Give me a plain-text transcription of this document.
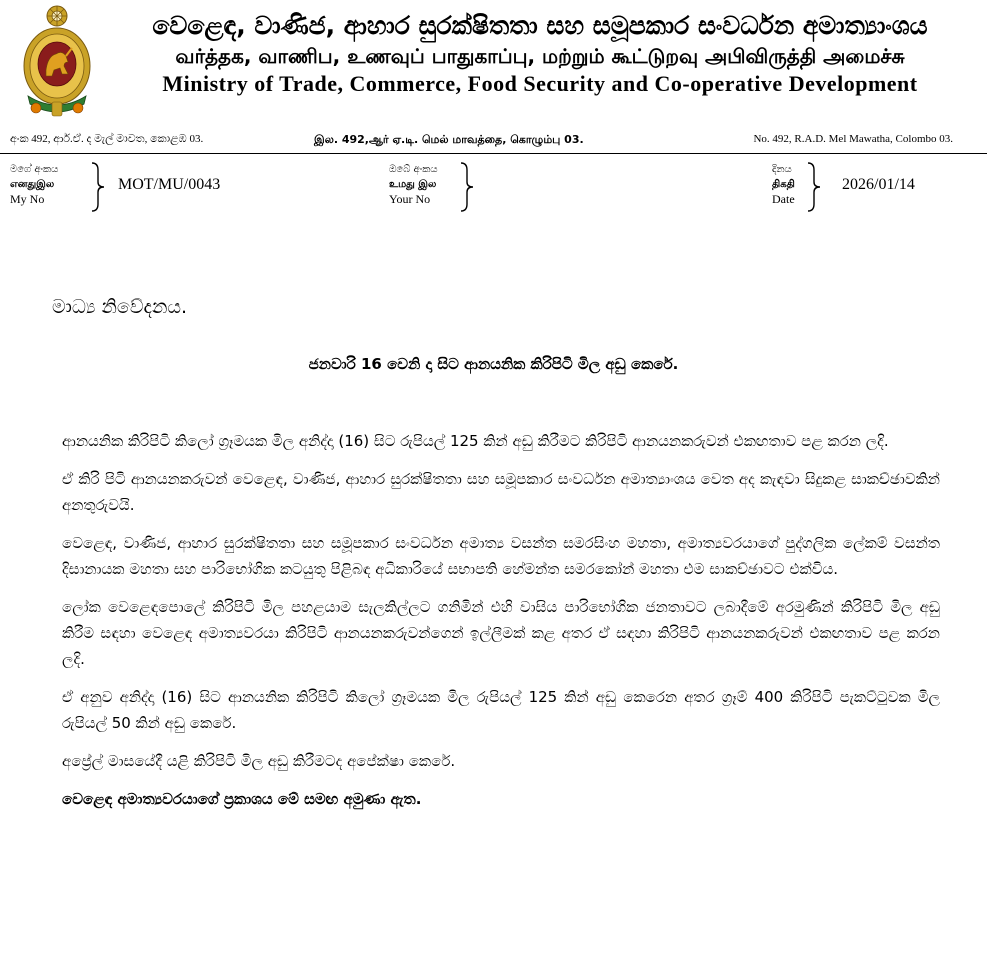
වෙළෙඳ, වාණිජ, ආහාර සුරක්ෂිතතා සහ සමූපකාර සංවර්ධන අමාත්‍යාංශය
வர்த்தக, வாணிப, உணவுப் பாதுகாப்பு, மற்றும் கூட்டுறவு அபிவிருத்தி அமைச்சு
Ministry of Trade, Commerce, Food Security and Co-operative Development
අංක 492, ආර්.ඒ. ද මැල් මාවත, කොළඹ 03.	இல. 492,ஆர் ஏ.டி. மெல் மாவத்தை, கொழும்பு 03.	No. 492, R.A.D. Mel Mawatha, Colombo 03.
මගේ අංකය
எனதுஇல
My No
MOT/MU/0043
ඔබේ අංකය
உமது இல
Your No
දිනය
திகதி
Date
2026/01/14
මාධ්‍ය නිවේදනය.
ජනවාරි 16 වෙනි දා සිට ආනයනික කිරිපිටි මිල අඩු කෙරේ.

ආනයනික කිරිපිටි කිලෝ ග්‍රෑමයක මිල අනිද්දා (16) සිට රුපියල් 125 කින් අඩු කිරීමට කිරිපිටි ආනයනකරුවන් එකඟතාව පළ කරන ලදි.

ඒ කිරි පිටි ආනයනකරුවන් වෙළෙඳ, වාණිජ, ආහාර සුරක්ෂිතතා සහ සමූපකාර සංවර්ධන අමාත්‍යාංශය වෙත අද කැඳවා සිදුකළ සාකච්ඡාවකින් අනතුරුවයි.

වෙළෙඳ, වාණිජ, ආහාර සුරක්ෂිතතා සහ සමූපකාර සංවර්ධන අමාත්‍ය වසන්ත සමරසිංහ මහතා, අමාත්‍යවරයාගේ පුද්ගලික ලේකම් වසන්ත දිසානායක මහතා සහ පාරිභෝගික කටයුතු පිළිබඳ අධිකාරියේ සභාපති හේමන්ත සමරකෝන් මහතා එම සාකච්ඡාවට එක්විය.

ලෝක වෙළෙඳපොලේ කිරිපිටි මිල පහළයාම සැලකිල්ලට ගනිමින් එහි වාසිය පාරිභෝගික ජනතාවට ලබාදීමේ අරමුණින් කිරිපිටි මිල අඩු කිරීම සඳහා වෙළෙඳ අමාත්‍යවරයා කිරිපිටි ආනයනකරුවන්ගෙන් ඉල්ලීමක් කළ අතර ඒ සඳහා කිරිපිටි ආනයනකරුවන් එකඟතාව පළ කරන ලදි.

ඒ අනුව අනිද්දා (16) සිට ආනයනික කිරිපිටි කිලෝ ග්‍රෑමයක මිල රුපියල් 125 කින් අඩු කෙරෙන අතර ග්‍රෑම් 400 කිරිපිටි පැකට්ටුවක මිල රුපියල් 50 කින් අඩු කෙරේ.

අප්‍රේල් මාසයේදී යළි කිරිපිටි මිල අඩු කිරීමටද අපේක්ෂා කෙරේ.

වෙළෙඳ අමාත්‍යවරයාගේ ප්‍රකාශය මේ සමඟ අමුණා ඇත.
